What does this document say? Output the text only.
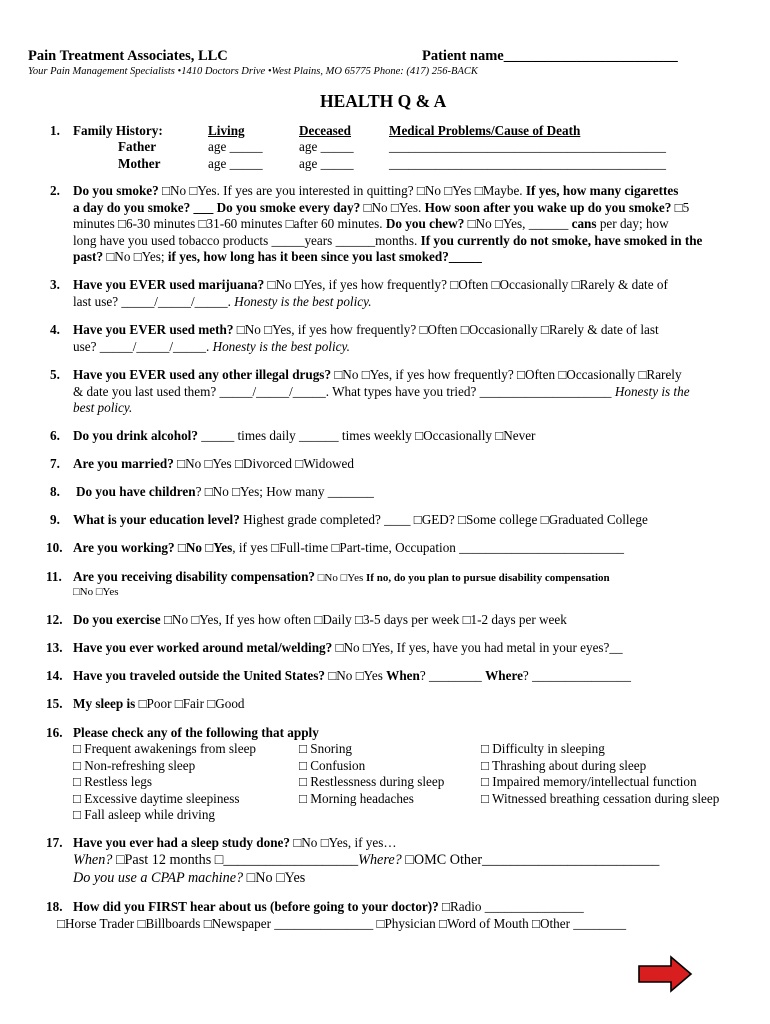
Pain Treatment Associates, LLC	Patient name________________________
Your Pain Management Specialists •1410 Doctors Drive •West Plains, MO 65775 Phone: (417) 256-BACK
HEALTH Q & A
1. Family History:
Father
Mother
Living
age _____
age _____
Deceased
age _____
age _____
Medical Problems/Cause of Death
__________________________________________
__________________________________________
2. Do you smoke? □No □Yes. If yes are you interested in quitting? □No □Yes □Maybe. If yes, how many cigarettes
a day do you smoke? ___ Do you smoke every day? □No □Yes. How soon after you wake up do you smoke? □5
minutes □6-30 minutes □31-60 minutes □after 60 minutes. Do you chew? □No □Yes, ______ cans per day; how
long have you used tobacco products _____years ______months. If you currently do not smoke, have smoked in the
past? □No □Yes; if yes, how long has it been since you last smoked?_____
3. Have you EVER used marijuana? □No □Yes, if yes how frequently? □Often □Occasionally □Rarely & date of
last use? _____/_____/_____. Honesty is the best policy.
4. Have you EVER used meth? □No □Yes, if yes how frequently? □Often □Occasionally □Rarely & date of last
use? _____/_____/_____. Honesty is the best policy.
5. Have you EVER used any other illegal drugs? □No □Yes, if yes how frequently? □Often □Occasionally □Rarely
& date you last used them? _____/_____/_____. What types have you tried? ____________________ Honesty is the
best policy.
6. Do you drink alcohol? _____ times daily ______ times weekly □Occasionally □Never
7. Are you married? □No □Yes □Divorced □Widowed
8. Do you have children? □No □Yes; How many _______
9. What is your education level? Highest grade completed? ____ □GED? □Some college □Graduated College
10. Are you working? □No □Yes, if yes □Full-time □Part-time, Occupation _________________________
11. Are you receiving disability compensation? □No □Yes If no, do you plan to pursue disability compensation
□No □Yes
12. Do you exercise □No □Yes, If yes how often □Daily □3-5 days per week □1-2 days per week
13. Have you ever worked around metal/welding? □No □Yes, If yes, have you had metal in your eyes?__
14. Have you traveled outside the United States? □No □Yes When? ________ Where? _______________
15. My sleep is □Poor □Fair □Good
16. Please check any of the following that apply
□ Frequent awakenings from sleep
□ Non-refreshing sleep
□ Restless legs
□ Excessive daytime sleepiness
□ Fall asleep while driving
□ Snoring
□ Confusion
□ Restlessness during sleep
□ Morning headaches
□ Difficulty in sleeping
□ Thrashing about during sleep
□ Impaired memory/intellectual function
□ Witnessed breathing cessation during sleep
17. Have you ever had a sleep study done? □No □Yes, if yes…
When? □Past 12 months □___________________Where? □OMC Other_________________________
Do you use a CPAP machine? □No □Yes
18. How did you FIRST hear about us (before going to your doctor)? □Radio _______________
□Horse Trader □Billboards □Newspaper _______________ □Physician □Word of Mouth □Other ________
